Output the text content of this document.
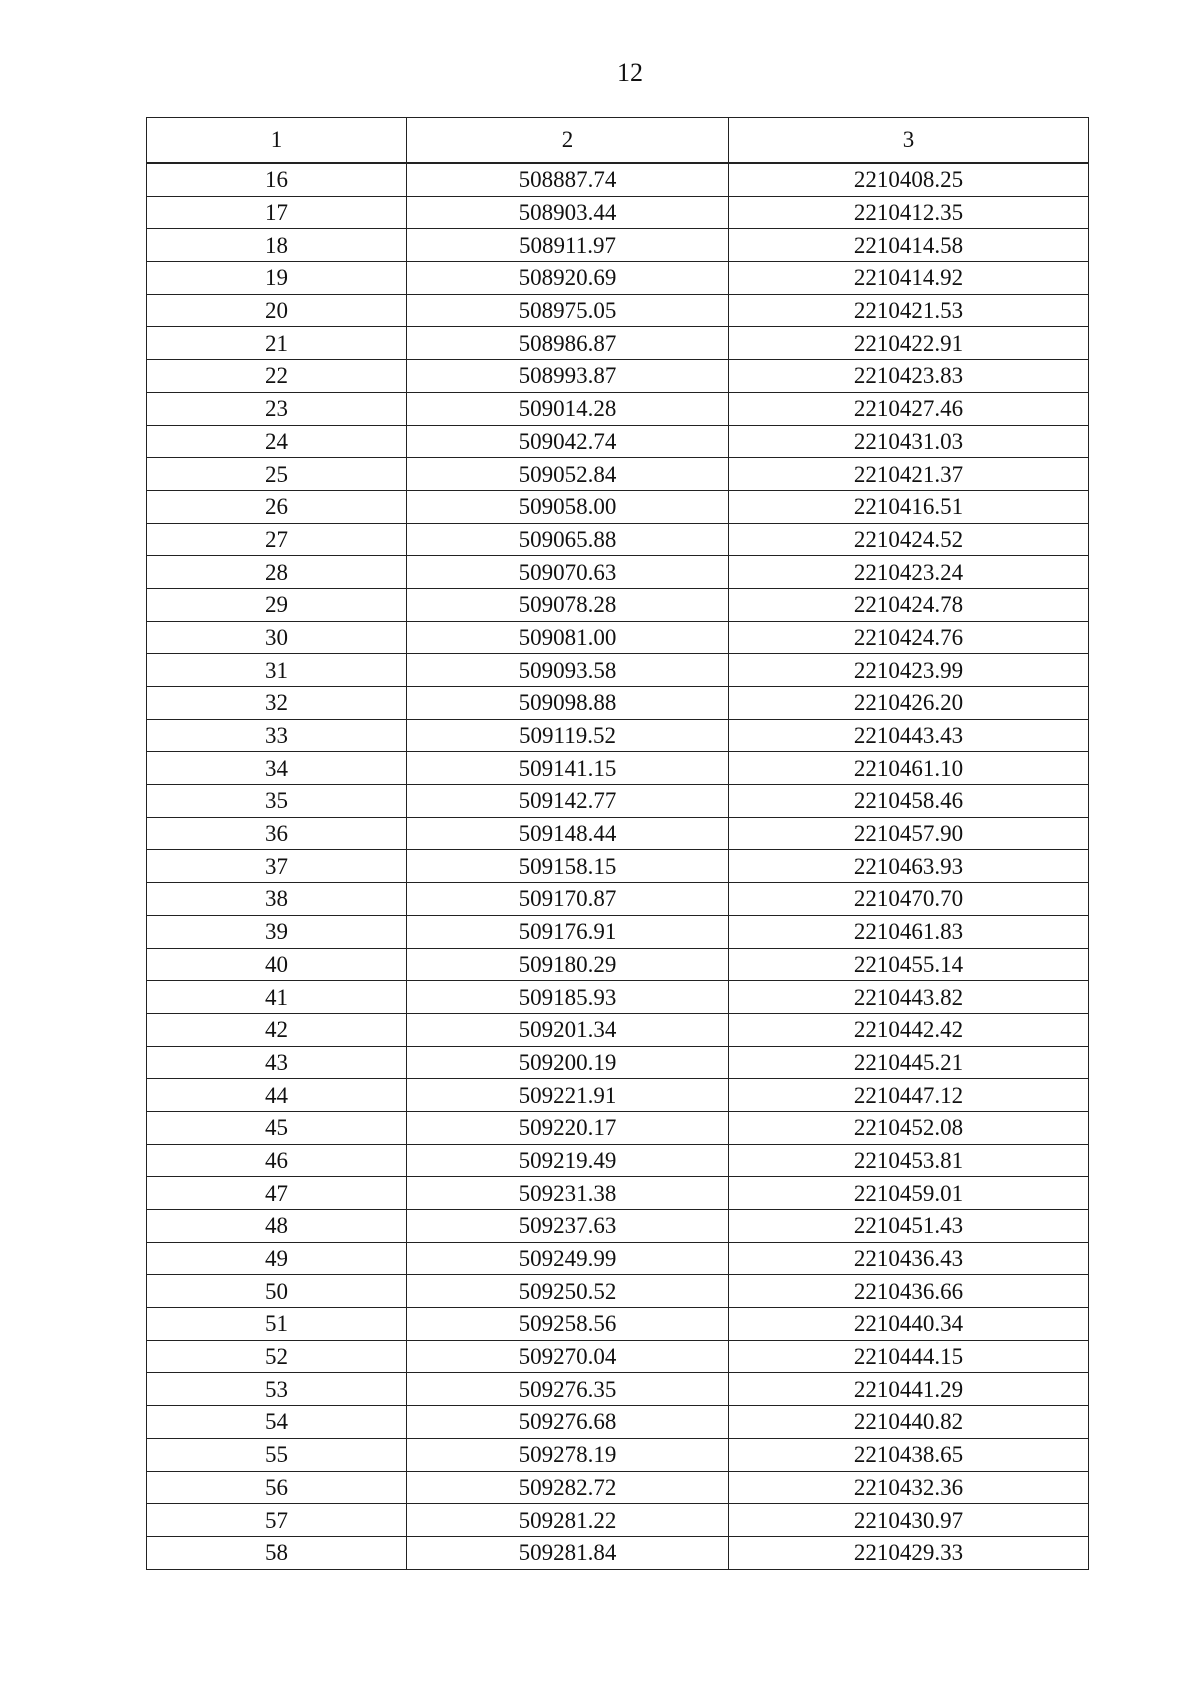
12
1	2	3
16	508887.74	2210408.25
17	508903.44	2210412.35
18	508911.97	2210414.58
19	508920.69	2210414.92
20	508975.05	2210421.53
21	508986.87	2210422.91
22	508993.87	2210423.83
23	509014.28	2210427.46
24	509042.74	2210431.03
25	509052.84	2210421.37
26	509058.00	2210416.51
27	509065.88	2210424.52
28	509070.63	2210423.24
29	509078.28	2210424.78
30	509081.00	2210424.76
31	509093.58	2210423.99
32	509098.88	2210426.20
33	509119.52	2210443.43
34	509141.15	2210461.10
35	509142.77	2210458.46
36	509148.44	2210457.90
37	509158.15	2210463.93
38	509170.87	2210470.70
39	509176.91	2210461.83
40	509180.29	2210455.14
41	509185.93	2210443.82
42	509201.34	2210442.42
43	509200.19	2210445.21
44	509221.91	2210447.12
45	509220.17	2210452.08
46	509219.49	2210453.81
47	509231.38	2210459.01
48	509237.63	2210451.43
49	509249.99	2210436.43
50	509250.52	2210436.66
51	509258.56	2210440.34
52	509270.04	2210444.15
53	509276.35	2210441.29
54	509276.68	2210440.82
55	509278.19	2210438.65
56	509282.72	2210432.36
57	509281.22	2210430.97
58	509281.84	2210429.33
